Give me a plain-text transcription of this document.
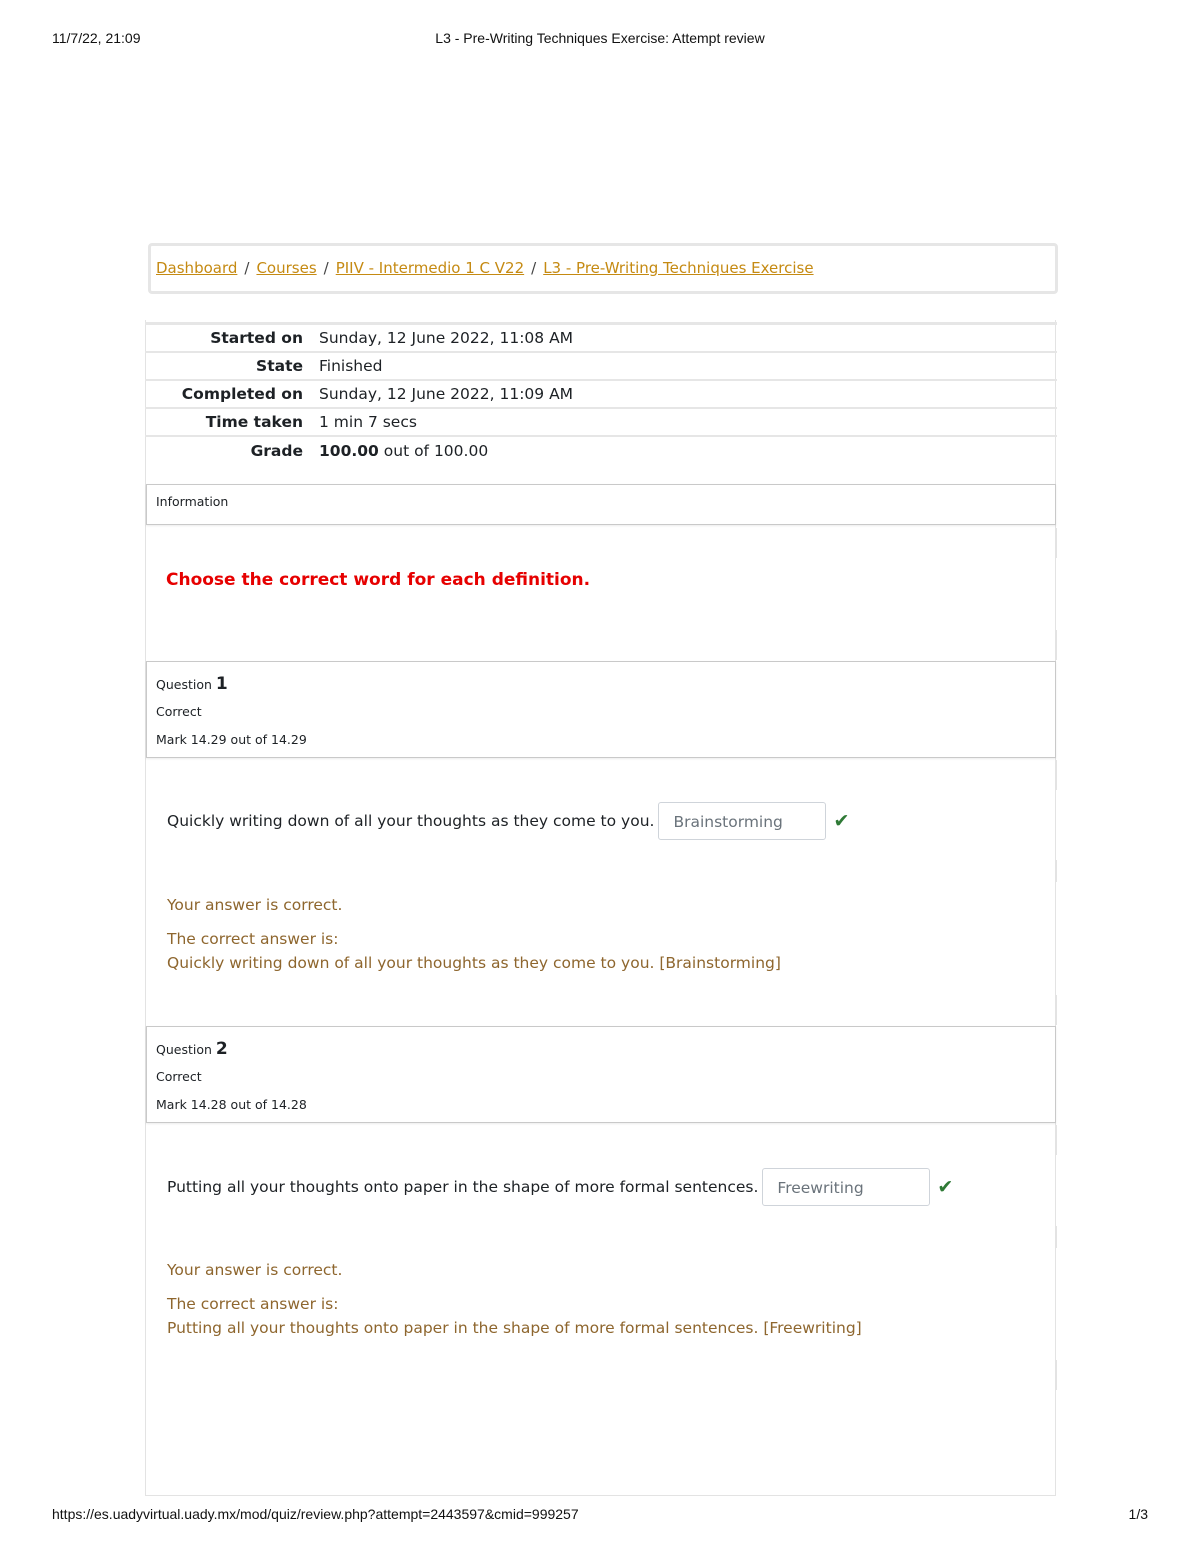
11/7/22, 21:09	L3 - Pre-Writing Techniques Exercise: Attempt review
Dashboard / Courses / PIIV - Intermedio 1 C V22 / L3 - Pre-Writing Techniques Exercise
Started on	Sunday, 12 June 2022, 11:08 AM
State	Finished
Completed on	Sunday, 12 June 2022, 11:09 AM
Time taken	1 min 7 secs
Grade	100.00 out of 100.00
Information
Choose the correct word for each definition.
Question 1
Correct
Mark 14.29 out of 14.29
Quickly writing down of all your thoughts as they come to you.	Brainstorming	✔
Your answer is correct.
The correct answer is:
Quickly writing down of all your thoughts as they come to you. [Brainstorming]
Question 2
Correct
Mark 14.28 out of 14.28
Putting all your thoughts onto paper in the shape of more formal sentences.	Freewriting	✔
Your answer is correct.
The correct answer is:
Putting all your thoughts onto paper in the shape of more formal sentences. [Freewriting]
https://es.uadyvirtual.uady.mx/mod/quiz/review.php?attempt=2443597&cmid=999257	1/3
